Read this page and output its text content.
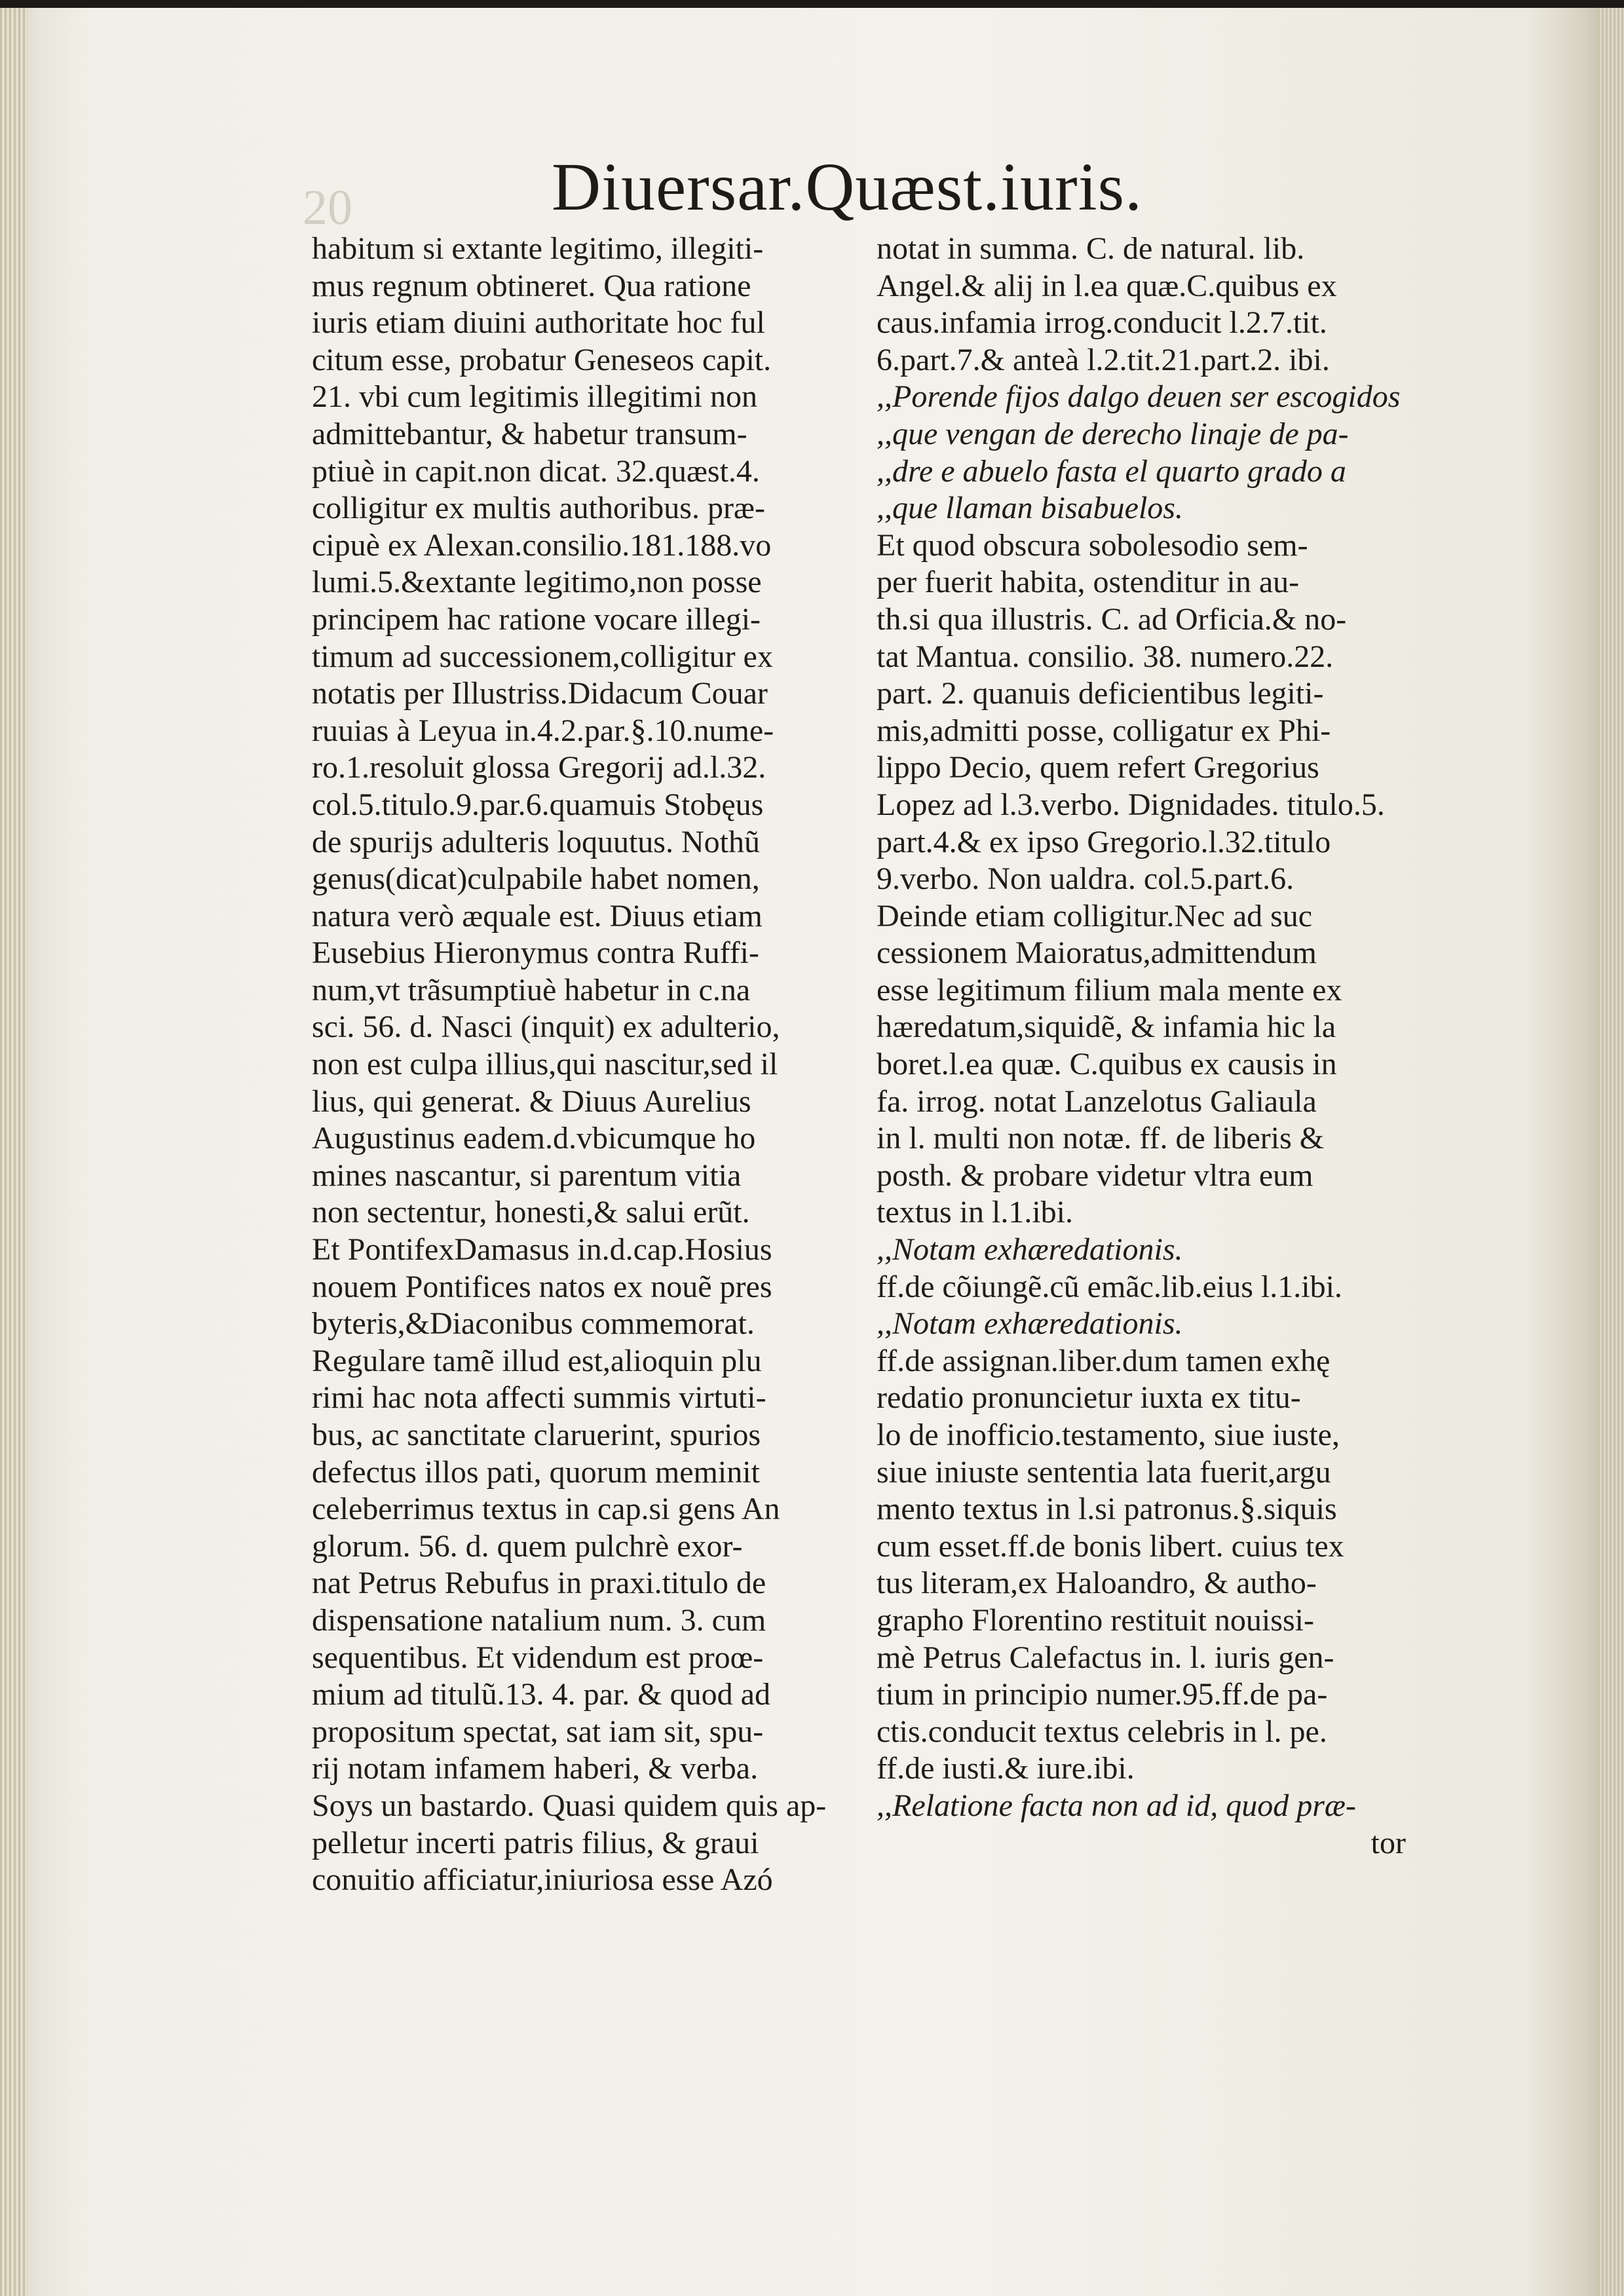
20	Diuersar.Quæst.iuris.
habitum si extante legitimo, illegiti-
mus regnum obtineret. Qua ratione
iuris etiam diuini authoritate hoc ful
citum esse, probatur Geneseos capit.
21. vbi cum legitimis illegitimi non
admittebantur, & habetur transum-
ptiuè in capit.non dicat. 32.quæst.4.
colligitur ex multis authoribus. præ-
cipuè ex Alexan.consilio.181.188.vo
lumi.5.&extante legitimo,non posse
principem hac ratione vocare illegi-
timum ad successionem,colligitur ex
notatis per Illustriss.Didacum Couar
ruuias à Leyua in.4.2.par.§.10.nume-
ro.1.resoluit glossa Gregorij ad.l.32.
col.5.titulo.9.par.6.quamuis Stobęus
de spurijs adulteris loquutus. Nothũ
genus(dicat)culpabile habet nomen,
natura verò æquale est. Diuus etiam
Eusebius Hieronymus contra Ruffi-
num,vt trãsumptiuè habetur in c.na
sci. 56. d. Nasci (inquit) ex adulterio,
non est culpa illius,qui nascitur,sed il
lius, qui generat. & Diuus Aurelius
Augustinus eadem.d.vbicumque ho
mines nascantur, si parentum vitia
non sectentur, honesti,& salui erũt.
Et PontifexDamasus in.d.cap.Hosius
nouem Pontifices natos ex nouẽ pres
byteris,&Diaconibus commemorat.
Regulare tamẽ illud est,alioquin plu
rimi hac nota affecti summis virtuti-
bus, ac sanctitate claruerint, spurios
defectus illos pati, quorum meminit
celeberrimus textus in cap.si gens An
glorum. 56. d. quem pulchrè exor-
nat Petrus Rebufus in praxi.titulo de
dispensatione natalium num. 3. cum
sequentibus. Et videndum est proœ-
mium ad titulũ.13. 4. par. & quod ad
propositum spectat, sat iam sit, spu-
rij notam infamem haberi, & verba.
Soys un bastardo. Quasi quidem quis ap-
pelletur incerti patris filius, & graui
conuitio afficiatur,iniuriosa esse Azó
notat in summa. C. de natural. lib.
Angel.& alij in l.ea quæ.C.quibus ex
caus.infamia irrog.conducit l.2.7.tit.
6.part.7.& anteà l.2.tit.21.part.2. ibi.
,,Porende fijos dalgo deuen ser escogidos
,,que vengan de derecho linaje de pa-
,,dre e abuelo fasta el quarto grado a
,,que llaman bisabuelos.
Et quod obscura sobolesodio sem-
per fuerit habita, ostenditur in au-
th.si qua illustris. C. ad Orficia.& no-
tat Mantua. consilio. 38. numero.22.
part. 2. quanuis deficientibus legiti-
mis,admitti posse, colligatur ex Phi-
lippo Decio, quem refert Gregorius
Lopez ad l.3.verbo. Dignidades. titulo.5.
part.4.& ex ipso Gregorio.l.32.titulo
9.verbo. Non ualdra. col.5.part.6.
Deinde etiam colligitur.Nec ad suc
cessionem Maioratus,admittendum
esse legitimum filium mala mente ex
hæredatum,siquidẽ, & infamia hic la
boret.l.ea quæ. C.quibus ex causis in
fa. irrog. notat Lanzelotus Galiaula
in l. multi non notæ. ff. de liberis &
posth. & probare videtur vltra eum
textus in l.1.ibi.
,,Notam exhæredationis.
ff.de cõiungẽ.cũ emãc.lib.eius l.1.ibi.
,,Notam exhæredationis.
ff.de assignan.liber.dum tamen exhę
redatio pronuncietur iuxta ex titu-
lo de inofficio.testamento, siue iuste,
siue iniuste sententia lata fuerit,argu
mento textus in l.si patronus.§.siquis
cum esset.ff.de bonis libert. cuius tex
tus literam,ex Haloandro, & autho-
grapho Florentino restituit nouissi-
mè Petrus Calefactus in. l. iuris gen-
tium in principio numer.95.ff.de pa-
ctis.conducit textus celebris in l. pe.
ff.de iusti.& iure.ibi.
,,Relatione facta non ad id, quod præ-
tor
